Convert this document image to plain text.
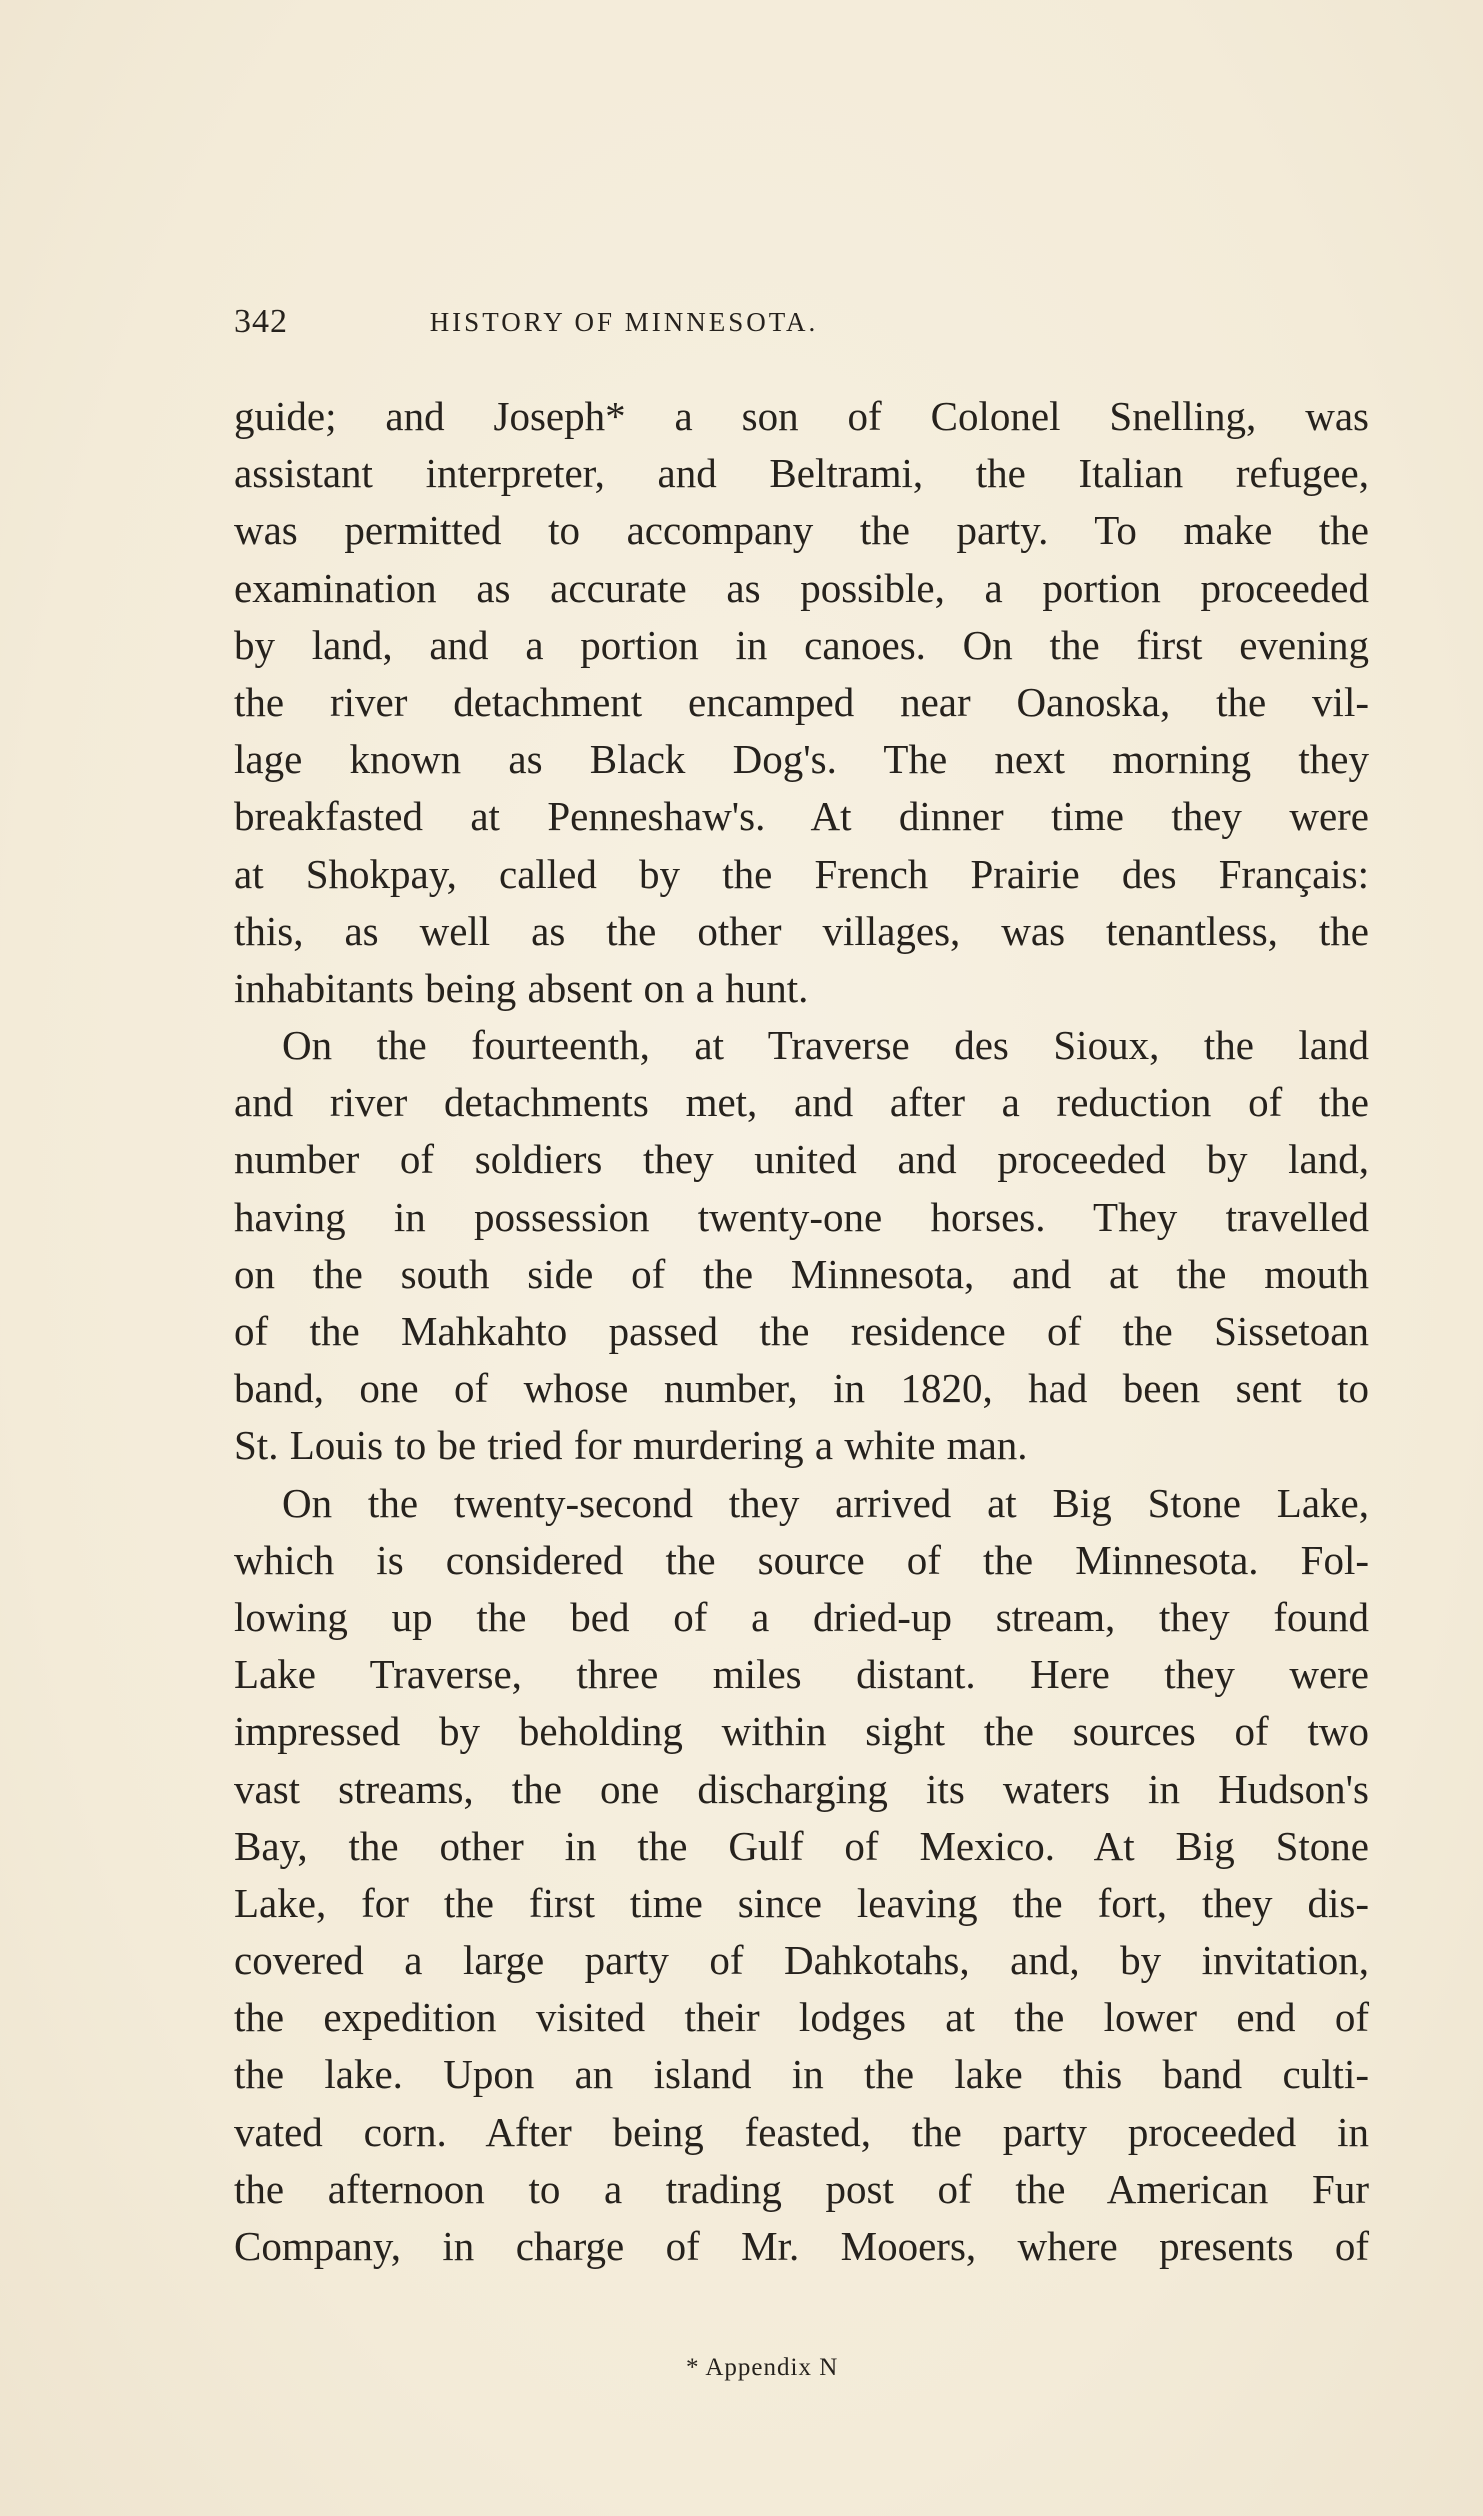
342	HISTORY OF MINNESOTA.
guide; and Joseph* a son of Colonel Snelling, was
assistant interpreter, and Beltrami, the Italian refugee,
was permitted to accompany the party. To make the
examination as accurate as possible, a portion proceeded
by land, and a portion in canoes. On the first evening
the river detachment encamped near Oanoska, the vil-
lage known as Black Dog's. The next morning they
breakfasted at Penneshaw's. At dinner time they were
at Shokpay, called by the French Prairie des Français:
this, as well as the other villages, was tenantless, the
inhabitants being absent on a hunt.
On the fourteenth, at Traverse des Sioux, the land
and river detachments met, and after a reduction of the
number of soldiers they united and proceeded by land,
having in possession twenty-one horses. They travelled
on the south side of the Minnesota, and at the mouth
of the Mahkahto passed the residence of the Sissetoan
band, one of whose number, in 1820, had been sent to
St. Louis to be tried for murdering a white man.
On the twenty-second they arrived at Big Stone Lake,
which is considered the source of the Minnesota. Fol-
lowing up the bed of a dried-up stream, they found
Lake Traverse, three miles distant. Here they were
impressed by beholding within sight the sources of two
vast streams, the one discharging its waters in Hudson's
Bay, the other in the Gulf of Mexico. At Big Stone
Lake, for the first time since leaving the fort, they dis-
covered a large party of Dahkotahs, and, by invitation,
the expedition visited their lodges at the lower end of
the lake. Upon an island in the lake this band culti-
vated corn. After being feasted, the party proceeded in
the afternoon to a trading post of the American Fur
Company, in charge of Mr. Mooers, where presents of
* Appendix N
